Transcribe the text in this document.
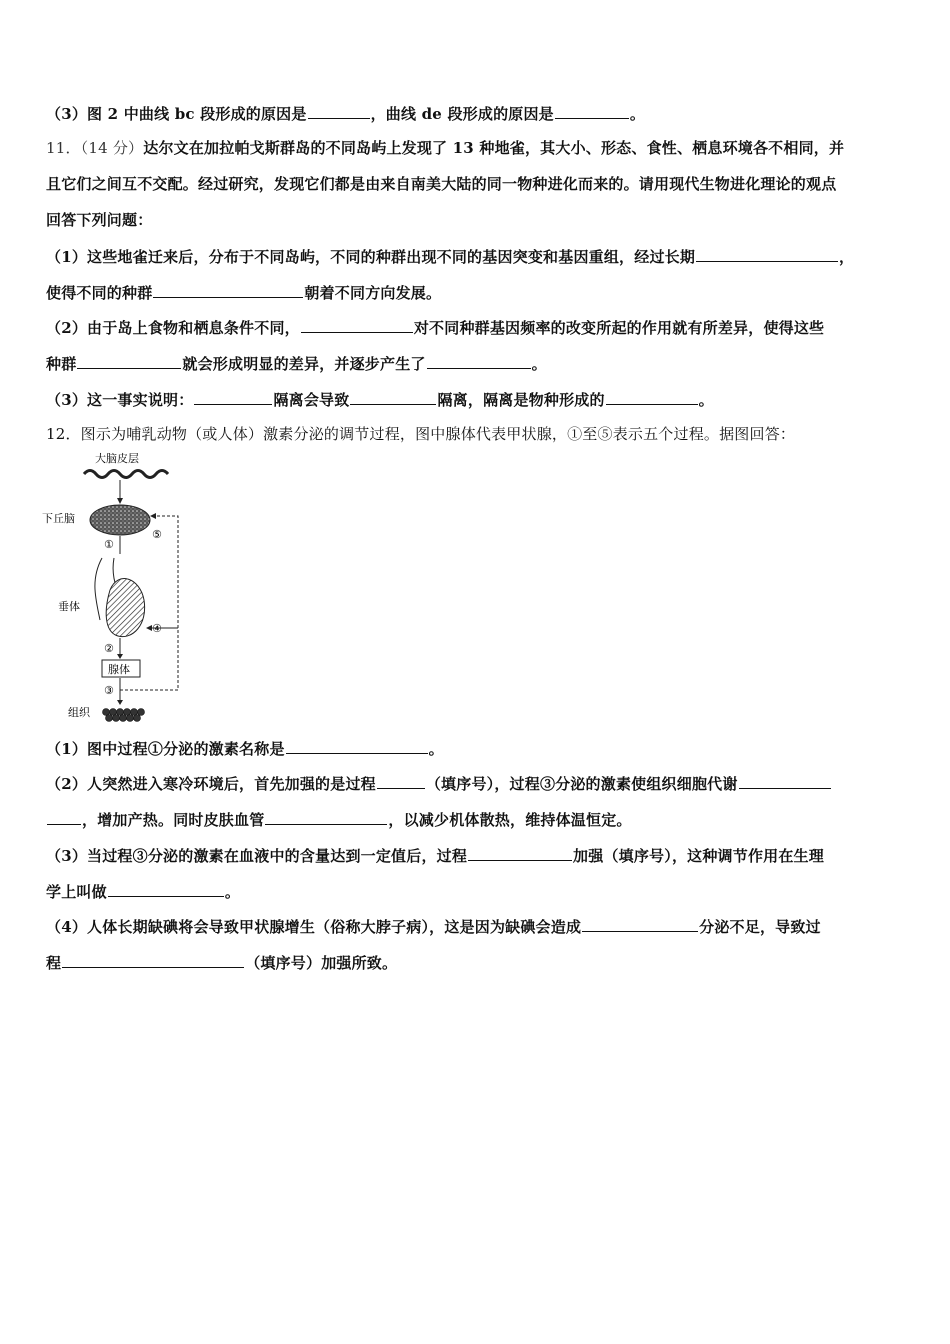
（3）图 2 中曲线 bc 段形成的原因是	，曲线 de 段形成的原因是	。
11．（14 分）达尔文在加拉帕戈斯群岛的不同岛屿上发现了 13 种地雀，其大小、形态、食性、栖息环境各不相同，并
且它们之间互不交配。经过研究，发现它们都是由来自南美大陆的同一物种进化而来的。请用现代生物进化理论的观点
回答下列问题：
（1）这些地雀迁来后，分布于不同岛屿，不同的种群出现不同的基因突变和基因重组，经过长期	，
使得不同的种群	朝着不同方向发展。
（2）由于岛上食物和栖息条件不同，	对不同种群基因频率的改变所起的作用就有所差异，使得这些
种群	就会形成明显的差异，并逐步产生了	。
（3）这一事实说明：	隔离会导致	隔离，隔离是物种形成的	。
12．图示为哺乳动物（或人体）激素分泌的调节过程，图中腺体代表甲状腺，①至⑤表示五个过程。据图回答：
大脑皮层
下丘脑
①
垂体
④
⑤
②
腺体
③
组织
（1）图中过程①分泌的激素名称是	。
（2）人突然进入寒冷环境后，首先加强的是过程	（填序号），过程③分泌的激素使组织细胞代谢
，增加产热。同时皮肤血管	，以减少机体散热，维持体温恒定。
（3）当过程③分泌的激素在血液中的含量达到一定值后，过程	加强（填序号），这种调节作用在生理
学上叫做	。
（4）人体长期缺碘将会导致甲状腺增生（俗称大脖子病），这是因为缺碘会造成	分泌不足，导致过
程	（填序号）加强所致。
